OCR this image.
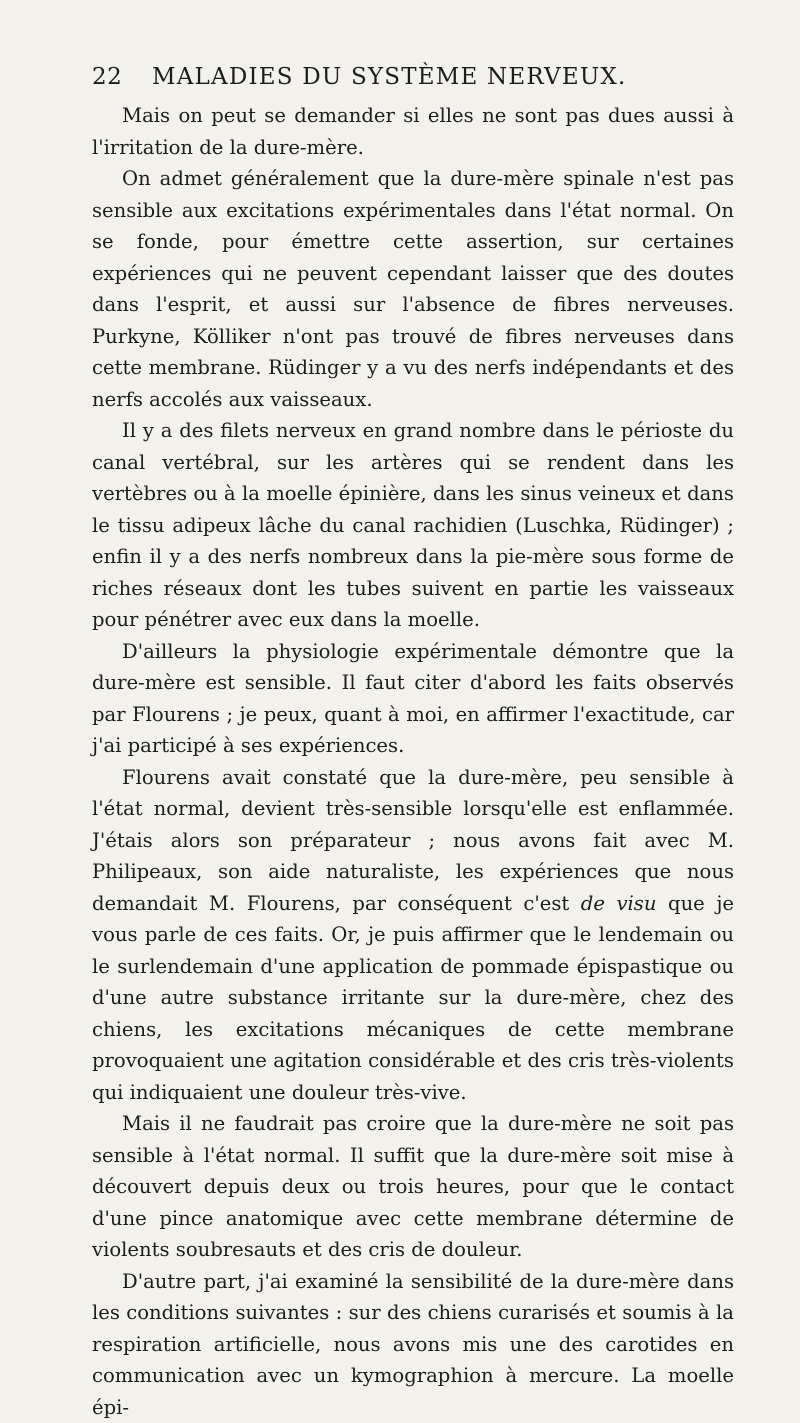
22 MALADIES DU SYSTÈME NERVEUX.

Mais on peut se demander si elles ne sont pas dues aussi à l'irritation de la dure-mère.

On admet généralement que la dure-mère spinale n'est pas sensible aux excitations expérimentales dans l'état normal. On se fonde, pour émettre cette assertion, sur certaines expériences qui ne peuvent cependant laisser que des doutes dans l'esprit, et aussi sur l'absence de fibres nerveuses. Purkyne, Kölliker n'ont pas trouvé de fibres nerveuses dans cette membrane. Rüdinger y a vu des nerfs indépendants et des nerfs accolés aux vaisseaux.

Il y a des filets nerveux en grand nombre dans le périoste du canal vertébral, sur les artères qui se rendent dans les vertèbres ou à la moelle épinière, dans les sinus veineux et dans le tissu adipeux lâche du canal rachidien (Luschka, Rüdinger) ; enfin il y a des nerfs nombreux dans la pie-mère sous forme de riches réseaux dont les tubes suivent en partie les vaisseaux pour pénétrer avec eux dans la moelle.

D'ailleurs la physiologie expérimentale démontre que la dure-mère est sensible. Il faut citer d'abord les faits observés par Flourens ; je peux, quant à moi, en affirmer l'exactitude, car j'ai participé à ses expériences.

Flourens avait constaté que la dure-mère, peu sensible à l'état normal, devient très-sensible lorsqu'elle est enflammée. J'étais alors son préparateur ; nous avons fait avec M. Philipeaux, son aide naturaliste, les expériences que nous demandait M. Flourens, par conséquent c'est de visu que je vous parle de ces faits. Or, je puis affirmer que le lendemain ou le surlendemain d'une application de pommade épispastique ou d'une autre substance irritante sur la dure-mère, chez des chiens, les excitations mécaniques de cette membrane provoquaient une agitation considérable et des cris très-violents qui indiquaient une douleur très-vive.

Mais il ne faudrait pas croire que la dure-mère ne soit pas sensible à l'état normal. Il suffit que la dure-mère soit mise à découvert depuis deux ou trois heures, pour que le contact d'une pince anatomique avec cette membrane détermine de violents soubresauts et des cris de douleur.

D'autre part, j'ai examiné la sensibilité de la dure-mère dans les conditions suivantes : sur des chiens curarisés et soumis à la respiration artificielle, nous avons mis une des carotides en communication avec un kymographion à mercure. La moelle épi-
